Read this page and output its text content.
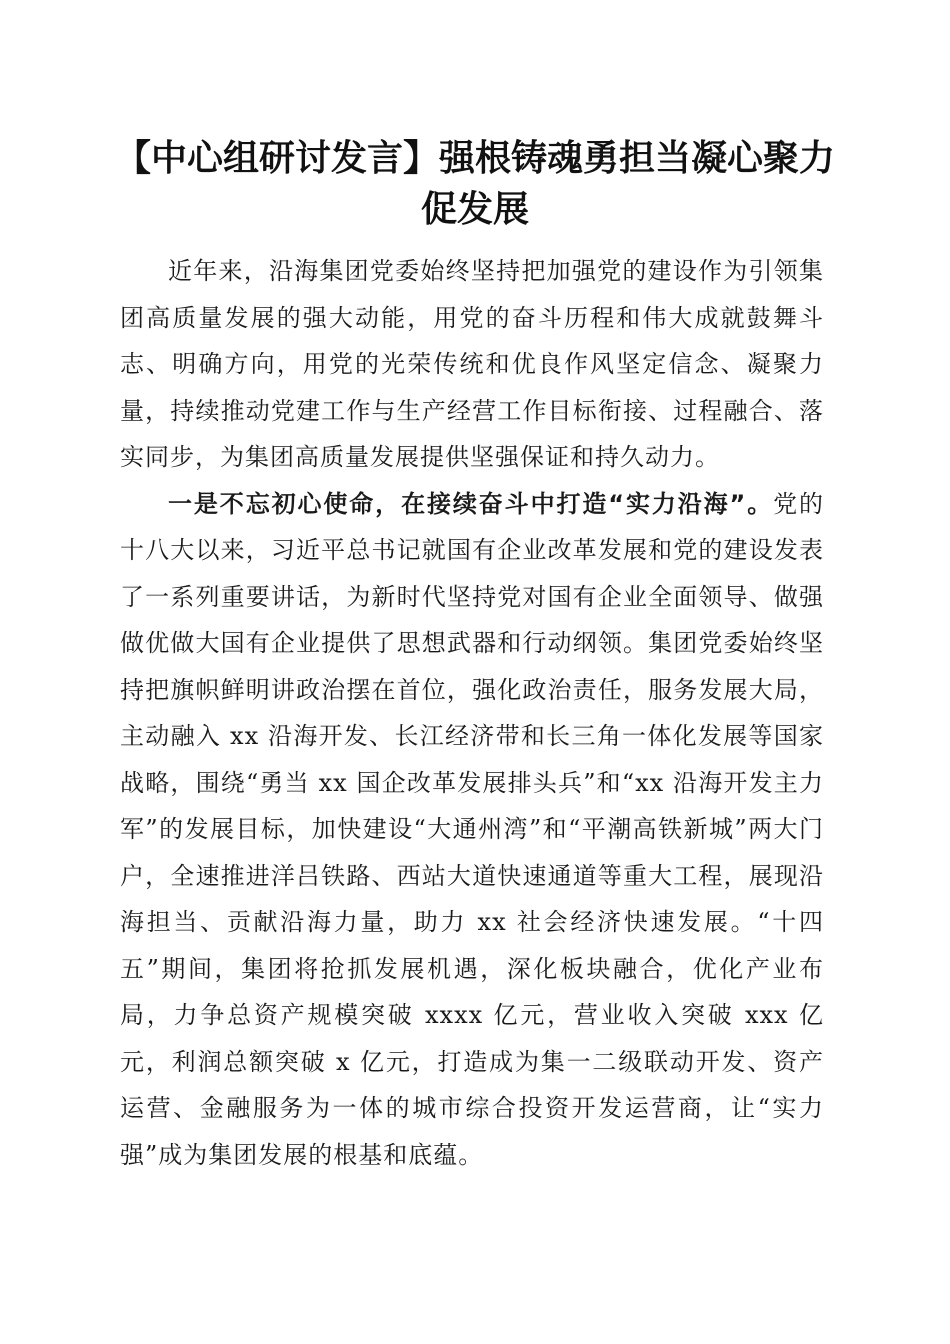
【中心组研讨发言】强根铸魂勇担当凝心聚力促发展

近年来，沿海集团党委始终坚持把加强党的建设作为引领集团高质量发展的强大动能，用党的奋斗历程和伟大成就鼓舞斗志、明确方向，用党的光荣传统和优良作风坚定信念、凝聚力量，持续推动党建工作与生产经营工作目标衔接、过程融合、落实同步，为集团高质量发展提供坚强保证和持久动力。

一是不忘初心使命，在接续奋斗中打造“实力沿海”。党的十八大以来，习近平总书记就国有企业改革发展和党的建设发表了一系列重要讲话，为新时代坚持党对国有企业全面领导、做强做优做大国有企业提供了思想武器和行动纲领。集团党委始终坚持把旗帜鲜明讲政治摆在首位，强化政治责任，服务发展大局，主动融入 xx 沿海开发、长江经济带和长三角一体化发展等国家战略，围绕“勇当 xx 国企改革发展排头兵”和“xx 沿海开发主力军”的发展目标，加快建设“大通州湾”和“平潮高铁新城”两大门户，全速推进洋吕铁路、西站大道快速通道等重大工程，展现沿海担当、贡献沿海力量，助力 xx 社会经济快速发展。“十四五”期间，集团将抢抓发展机遇，深化板块融合，优化产业布局，力争总资产规模突破 xxxx 亿元，营业收入突破 xxx 亿元，利润总额突破 x 亿元，打造成为集一二级联动开发、资产运营、金融服务为一体的城市综合投资开发运营商，让“实力强”成为集团发展的根基和底蕴。
